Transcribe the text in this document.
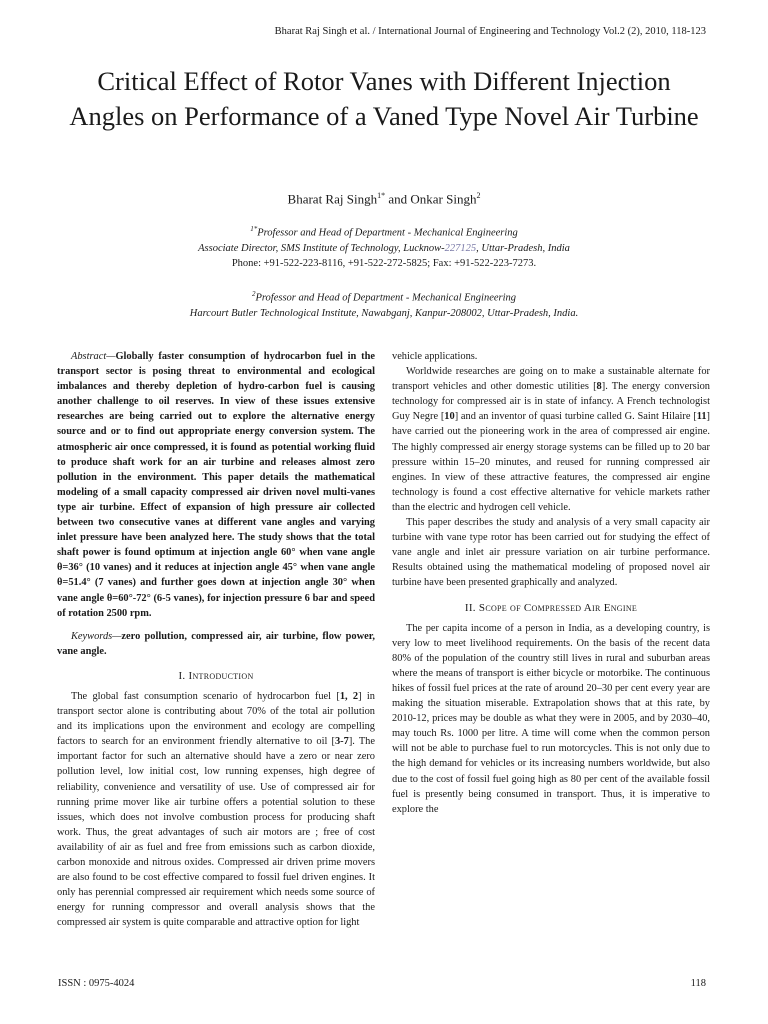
Bharat Raj Singh et al. / International Journal of Engineering and Technology Vol.2 (2), 2010, 118-123
Critical Effect of Rotor Vanes with Different Injection Angles on Performance of a Vaned Type Novel Air Turbine
Bharat Raj Singh$^{1*}$ and Onkar Singh$^2$
$^{1*}$Professor and Head of Department - Mechanical Engineering
Associate Director, SMS Institute of Technology, Lucknow-227125, Uttar-Pradesh, India
Phone: +91-522-223-8116, +91-522-272-5825; Fax: +91-522-223-7273.
$^2$Professor and Head of Department - Mechanical Engineering
Harcourt Butler Technological Institute, Nawabganj, Kanpur-208002, Uttar-Pradesh, India.

Abstract—Globally faster consumption of hydrocarbon fuel in the transport sector is posing threat to environmental and ecological imbalances and thereby depletion of hydro-carbon fuel is causing another challenge to oil reserves. In view of these issues extensive researches are being carried out to explore the alternative energy source and or to find out appropriate energy conversion system. The atmospheric air once compressed, it is found as potential working fluid to produce shaft work for an air turbine and releases almost zero pollution in the environment. This paper details the mathematical modeling of a small capacity compressed air driven novel multi-vanes type air turbine. Effect of expansion of high pressure air collected between two consecutive vanes at different vane angles and varying inlet pressure have been analyzed here. The study shows that the total shaft power is found optimum at injection angle 60° when vane angle θ=36° (10 vanes) and it reduces at injection angle 45° when vane angle θ=51.4° (7 vanes) and further goes down at injection angle 30° when vane angle θ=60°-72° (6-5 vanes), for injection pressure 6 bar and speed of rotation 2500 rpm.

Keywords—zero pollution, compressed air, air turbine, flow power, vane angle.

I. Introduction

The global fast consumption scenario of hydrocarbon fuel [1, 2] in transport sector alone is contributing about 70% of the total air pollution and its implications upon the environment and ecology are compelling factors to search for an environment friendly alternative to oil [3-7]. The important factor for such an alternative should have a zero or near zero pollution level, low initial cost, low running expenses, high degree of reliability, convenience and versatility of use. Use of compressed air for running prime mover like air turbine offers a potential solution to these issues, which does not involve combustion process for producing shaft work. Thus, the great advantages of such air motors are ; free of cost availability of air as fuel and free from emissions such as carbon dioxide, carbon monoxide and nitrous oxides. Compressed air driven prime movers are also found to be cost effective compared to fossil fuel driven engines. It only has perennial compressed air requirement which needs some source of energy for running compressor and overall analysis shows that the compressed air system is quite comparable and attractive option for light

vehicle applications.

Worldwide researches are going on to make a sustainable alternate for transport vehicles and other domestic utilities [8]. The energy conversion technology for compressed air is in state of infancy. A French technologist Guy Negre [10] and an inventor of quasi turbine called G. Saint Hilaire [11] have carried out the pioneering work in the area of compressed air engine. The highly compressed air energy storage systems can be filled up to 20 bar pressure within 15–20 minutes, and reused for running compressed air engines. In view of these attractive features, the compressed air engine technology is found a cost effective alternative for vehicle markets rather than the electric and hydrogen cell vehicle.

This paper describes the study and analysis of a very small capacity air turbine with vane type rotor has been carried out for studying the effect of vane angle and inlet air pressure variation on air turbine performance. Results obtained using the mathematical modeling of proposed novel air turbine have been presented graphically and analyzed.

II. Scope of Compressed Air Engine

The per capita income of a person in India, as a developing country, is very low to meet livelihood requirements. On the basis of the recent data 80% of the population of the country still lives in rural and suburban areas where the means of transport is either bicycle or motorbike. The continuous hikes of fossil fuel prices at the rate of around 20–30 per cent every year are making the situation miserable. Extrapolation shows that at this rate, by 2010-12, prices may be double as what they were in 2005, and by 2030–40, may touch Rs. 1000 per litre. A time will come when the common person will not be able to purchase fuel to run motorcycles. This is not only due to the high demand for vehicles or its increasing numbers worldwide, but also due to the cost of fossil fuel going high as 80 per cent of the available fossil fuel is presently being consumed in transport. Thus, it is imperative to explore the

ISSN : 0975-4024	118
